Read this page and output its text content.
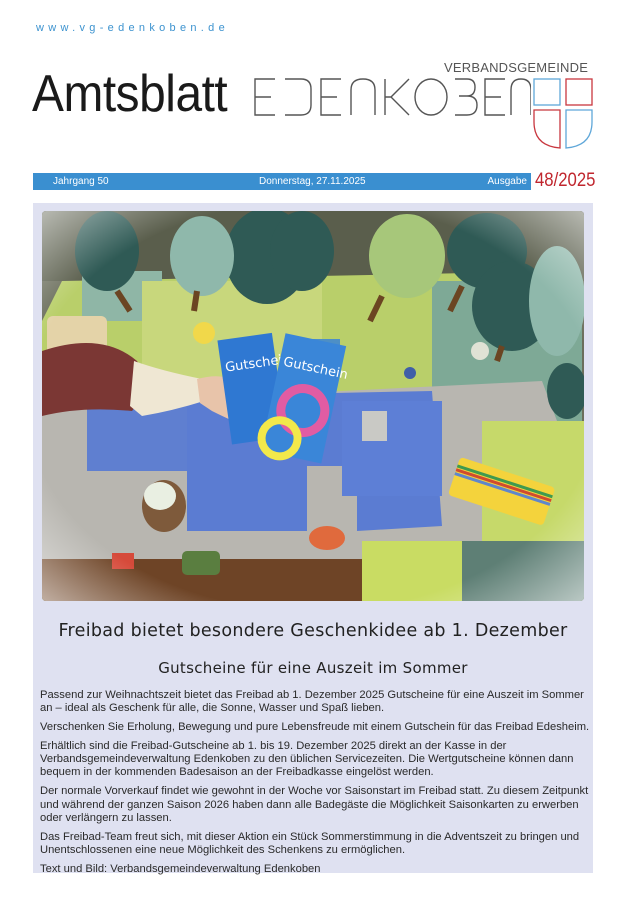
www.vg-edenkoben.de
Amtsblatt	VERBANDSGEMEINDE
Jahrgang 50	Donnerstag, 27.11.2025	Ausgabe 48/2025
Freibad bietet besondere Geschenkidee ab 1. Dezember
Gutscheine für eine Auszeit im Sommer

Passend zur Weihnachtszeit bietet das Freibad ab 1. Dezember 2025 Gutscheine für eine Auszeit im Sommer an – ideal als Geschenk für alle, die Sonne, Wasser und Spaß lieben.

Verschenken Sie Erholung, Bewegung und pure Lebensfreude mit einem Gutschein für das Freibad Edesheim.

Erhältlich sind die Freibad-Gutscheine ab 1. bis 19. Dezember 2025 direkt an der Kasse in der Verbandsgemeindeverwaltung Edenkoben zu den üblichen Servicezeiten. Die Wertgutscheine können dann bequem in der kommenden Badesaison an der Freibadkasse eingelöst werden.

Der normale Vorverkauf findet wie gewohnt in der Woche vor Saisonstart im Freibad statt. Zu diesem Zeitpunkt und während der ganzen Saison 2026 haben dann alle Badegäste die Möglichkeit Saisonkarten zu erwerben oder verlängern zu lassen.

Das Freibad-Team freut sich, mit dieser Aktion ein Stück Sommerstimmung in die Adventszeit zu bringen und Unentschlossenen eine neue Möglichkeit des Schenkens zu ermöglichen.

Text und Bild: Verbandsgemeindeverwaltung Edenkoben
